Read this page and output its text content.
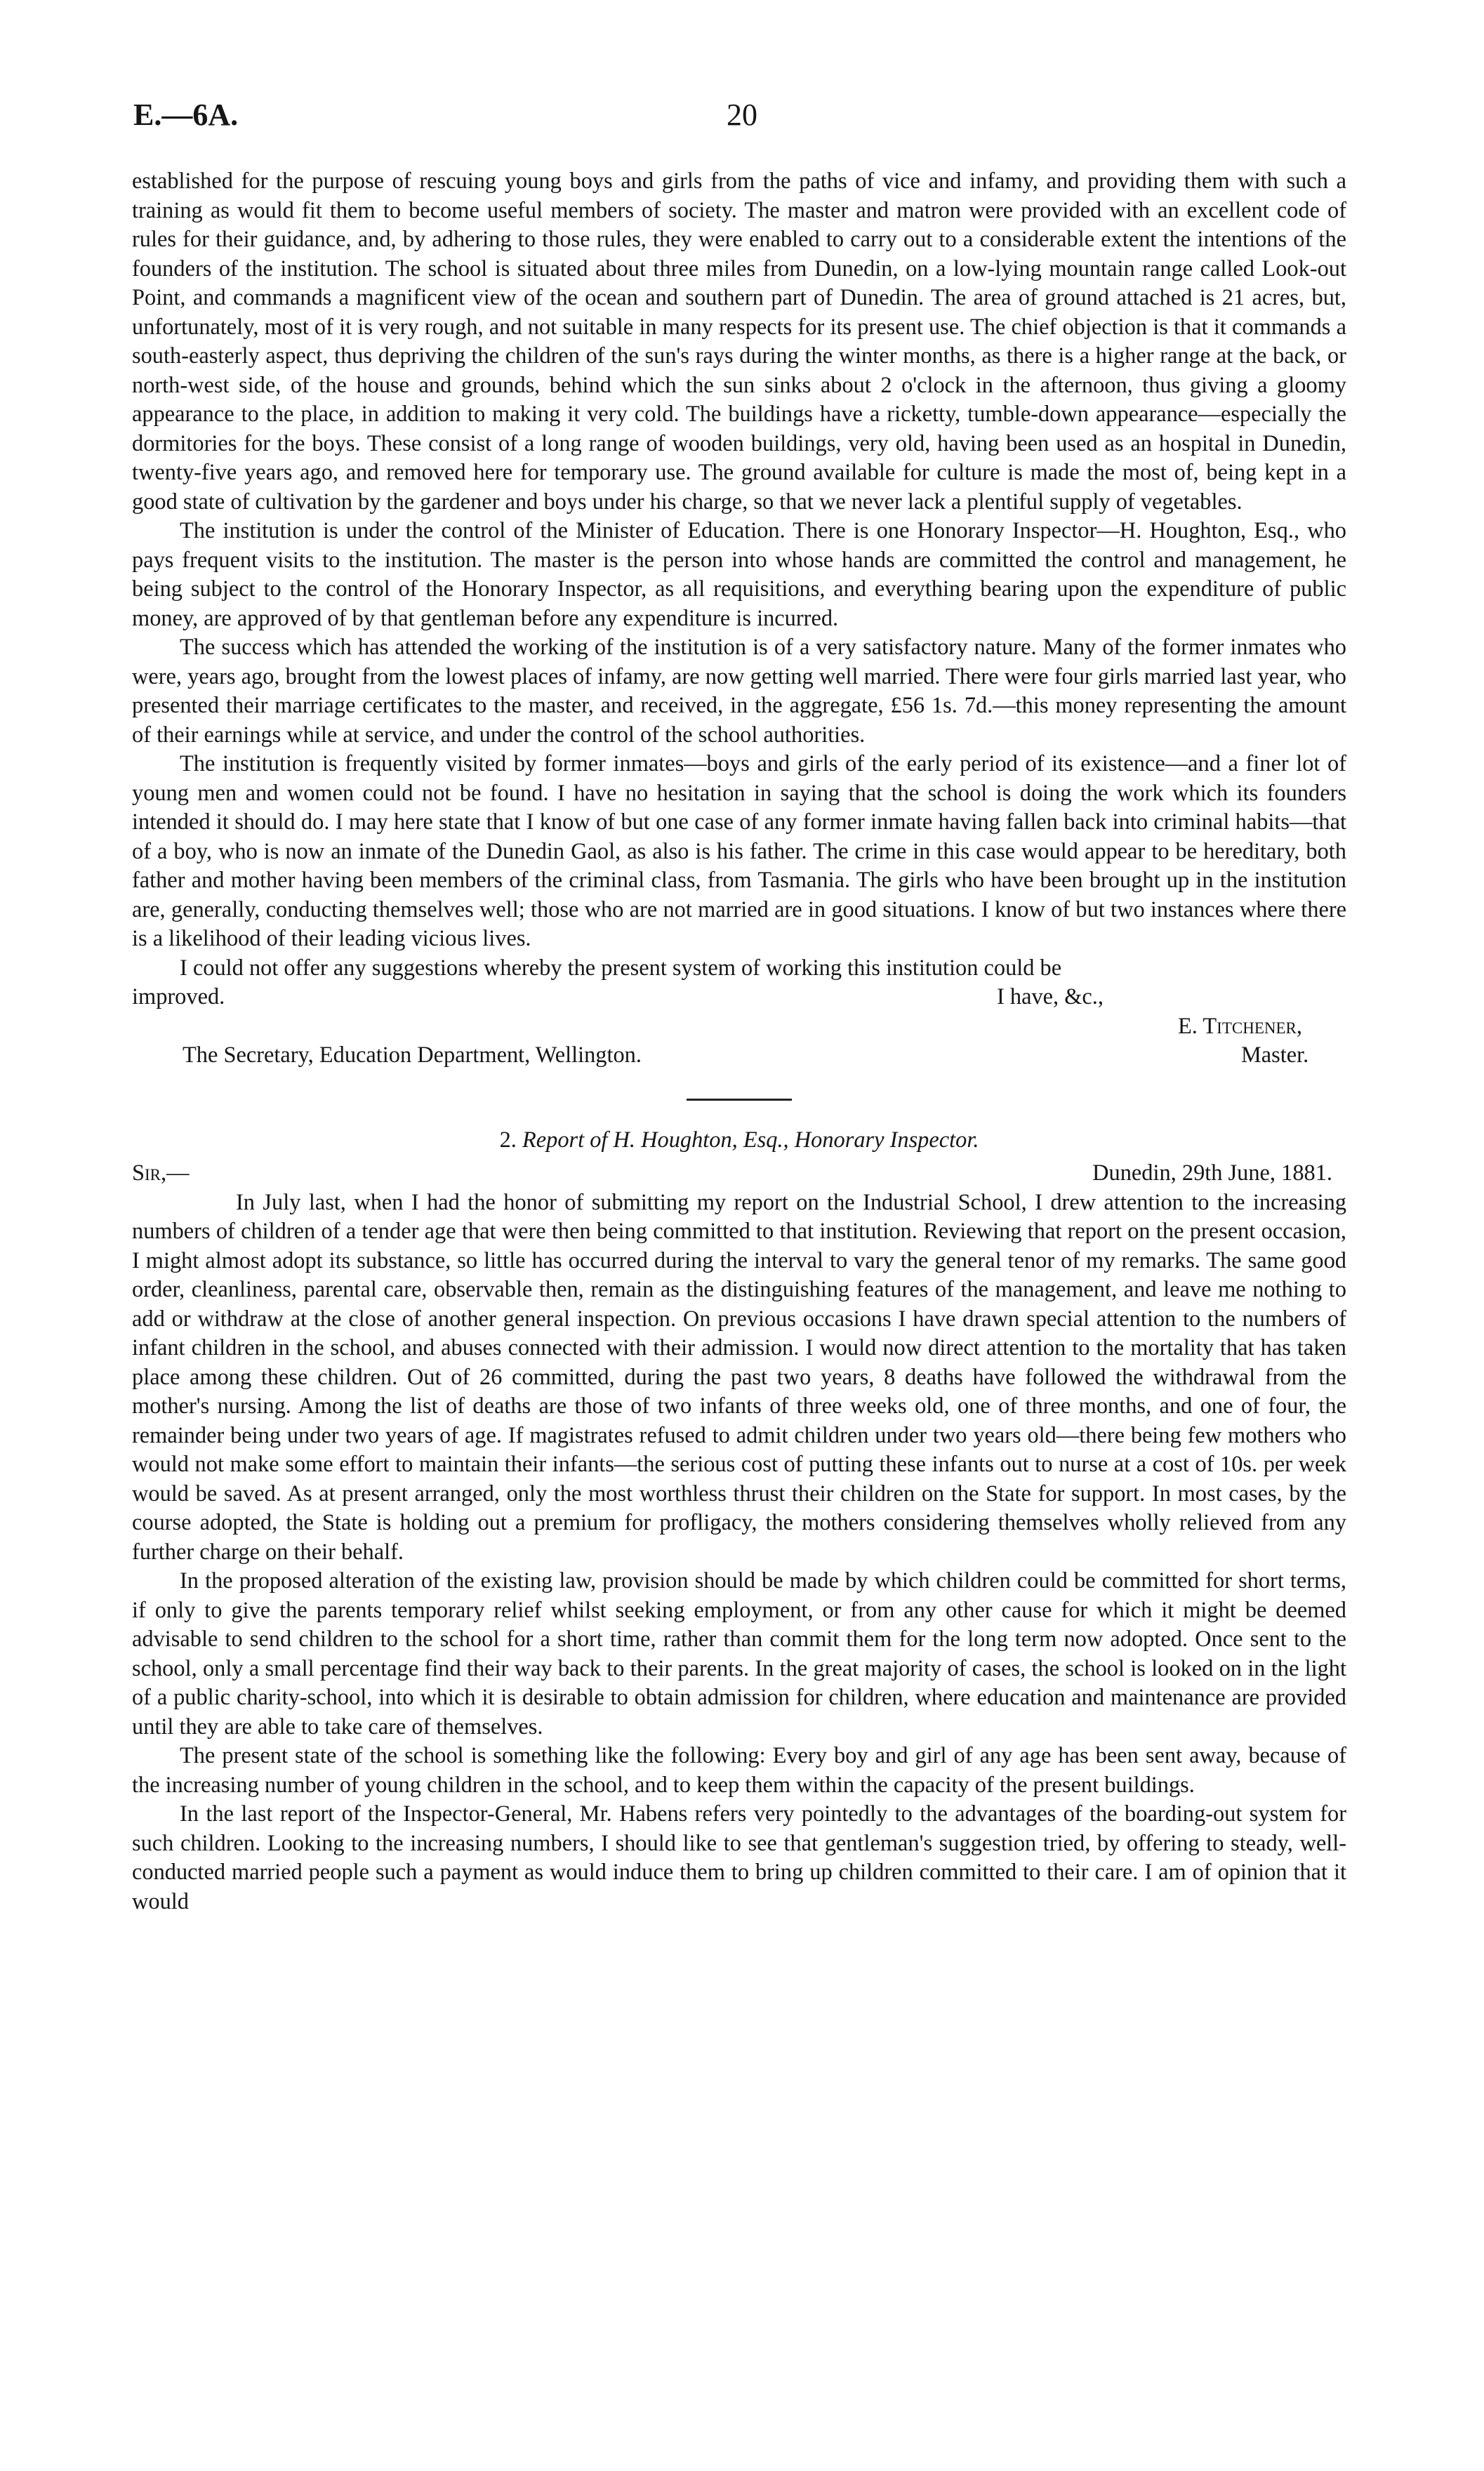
E.—6A.	20

established for the purpose of rescuing young boys and girls from the paths of vice and infamy, and providing them with such a training as would fit them to become useful members of society. The master and matron were provided with an excellent code of rules for their guidance, and, by adhering to those rules, they were enabled to carry out to a considerable extent the intentions of the founders of the institution. The school is situated about three miles from Dunedin, on a low-lying mountain range called Look-out Point, and commands a magnificent view of the ocean and southern part of Dunedin. The area of ground attached is 21 acres, but, unfortunately, most of it is very rough, and not suitable in many respects for its present use. The chief objection is that it commands a south-easterly aspect, thus depriving the children of the sun's rays during the winter months, as there is a higher range at the back, or north-west side, of the house and grounds, behind which the sun sinks about 2 o'clock in the afternoon, thus giving a gloomy appearance to the place, in addition to making it very cold. The buildings have a ricketty, tumble-down appearance—especially the dormitories for the boys. These consist of a long range of wooden buildings, very old, having been used as an hospital in Dunedin, twenty-five years ago, and removed here for temporary use. The ground available for culture is made the most of, being kept in a good state of cultivation by the gardener and boys under his charge, so that we never lack a plentiful supply of vegetables.

The institution is under the control of the Minister of Education. There is one Honorary Inspector—H. Houghton, Esq., who pays frequent visits to the institution. The master is the person into whose hands are committed the control and management, he being subject to the control of the Honorary Inspector, as all requisitions, and everything bearing upon the expenditure of public money, are approved of by that gentleman before any expenditure is incurred.

The success which has attended the working of the institution is of a very satisfactory nature. Many of the former inmates who were, years ago, brought from the lowest places of infamy, are now getting well married. There were four girls married last year, who presented their marriage certificates to the master, and received, in the aggregate, £56 1s. 7d.—this money representing the amount of their earnings while at service, and under the control of the school authorities.

The institution is frequently visited by former inmates—boys and girls of the early period of its existence—and a finer lot of young men and women could not be found. I have no hesitation in saying that the school is doing the work which its founders intended it should do. I may here state that I know of but one case of any former inmate having fallen back into criminal habits—that of a boy, who is now an inmate of the Dunedin Gaol, as also is his father. The crime in this case would appear to be hereditary, both father and mother having been members of the criminal class, from Tasmania. The girls who have been brought up in the institution are, generally, conducting themselves well; those who are not married are in good situations. I know of but two instances where there is a likelihood of their leading vicious lives.

I could not offer any suggestions whereby the present system of working this institution could be

improved.	I have, &c.,
E. Titchener,
The Secretary, Education Department, Wellington.	Master.
2. Report of H. Houghton, Esq., Honorary Inspector.
Sir,—	Dunedin, 29th June, 1881.

In July last, when I had the honor of submitting my report on the Industrial School, I drew attention to the increasing numbers of children of a tender age that were then being committed to that institution. Reviewing that report on the present occasion, I might almost adopt its substance, so little has occurred during the interval to vary the general tenor of my remarks. The same good order, cleanliness, parental care, observable then, remain as the distinguishing features of the management, and leave me nothing to add or withdraw at the close of another general inspection. On previous occasions I have drawn special attention to the numbers of infant children in the school, and abuses connected with their admission. I would now direct attention to the mortality that has taken place among these children. Out of 26 committed, during the past two years, 8 deaths have followed the withdrawal from the mother's nursing. Among the list of deaths are those of two infants of three weeks old, one of three months, and one of four, the remainder being under two years of age. If magistrates refused to admit children under two years old—there being few mothers who would not make some effort to maintain their infants—the serious cost of putting these infants out to nurse at a cost of 10s. per week would be saved. As at present arranged, only the most worthless thrust their children on the State for support. In most cases, by the course adopted, the State is holding out a premium for profligacy, the mothers considering themselves wholly relieved from any further charge on their behalf.

In the proposed alteration of the existing law, provision should be made by which children could be committed for short terms, if only to give the parents temporary relief whilst seeking employment, or from any other cause for which it might be deemed advisable to send children to the school for a short time, rather than commit them for the long term now adopted. Once sent to the school, only a small percentage find their way back to their parents. In the great majority of cases, the school is looked on in the light of a public charity-school, into which it is desirable to obtain admission for children, where education and maintenance are provided until they are able to take care of themselves.

The present state of the school is something like the following: Every boy and girl of any age has been sent away, because of the increasing number of young children in the school, and to keep them within the capacity of the present buildings.

In the last report of the Inspector-General, Mr. Habens refers very pointedly to the advantages of the boarding-out system for such children. Looking to the increasing numbers, I should like to see that gentleman's suggestion tried, by offering to steady, well-conducted married people such a payment as would induce them to bring up children committed to their care. I am of opinion that it would
